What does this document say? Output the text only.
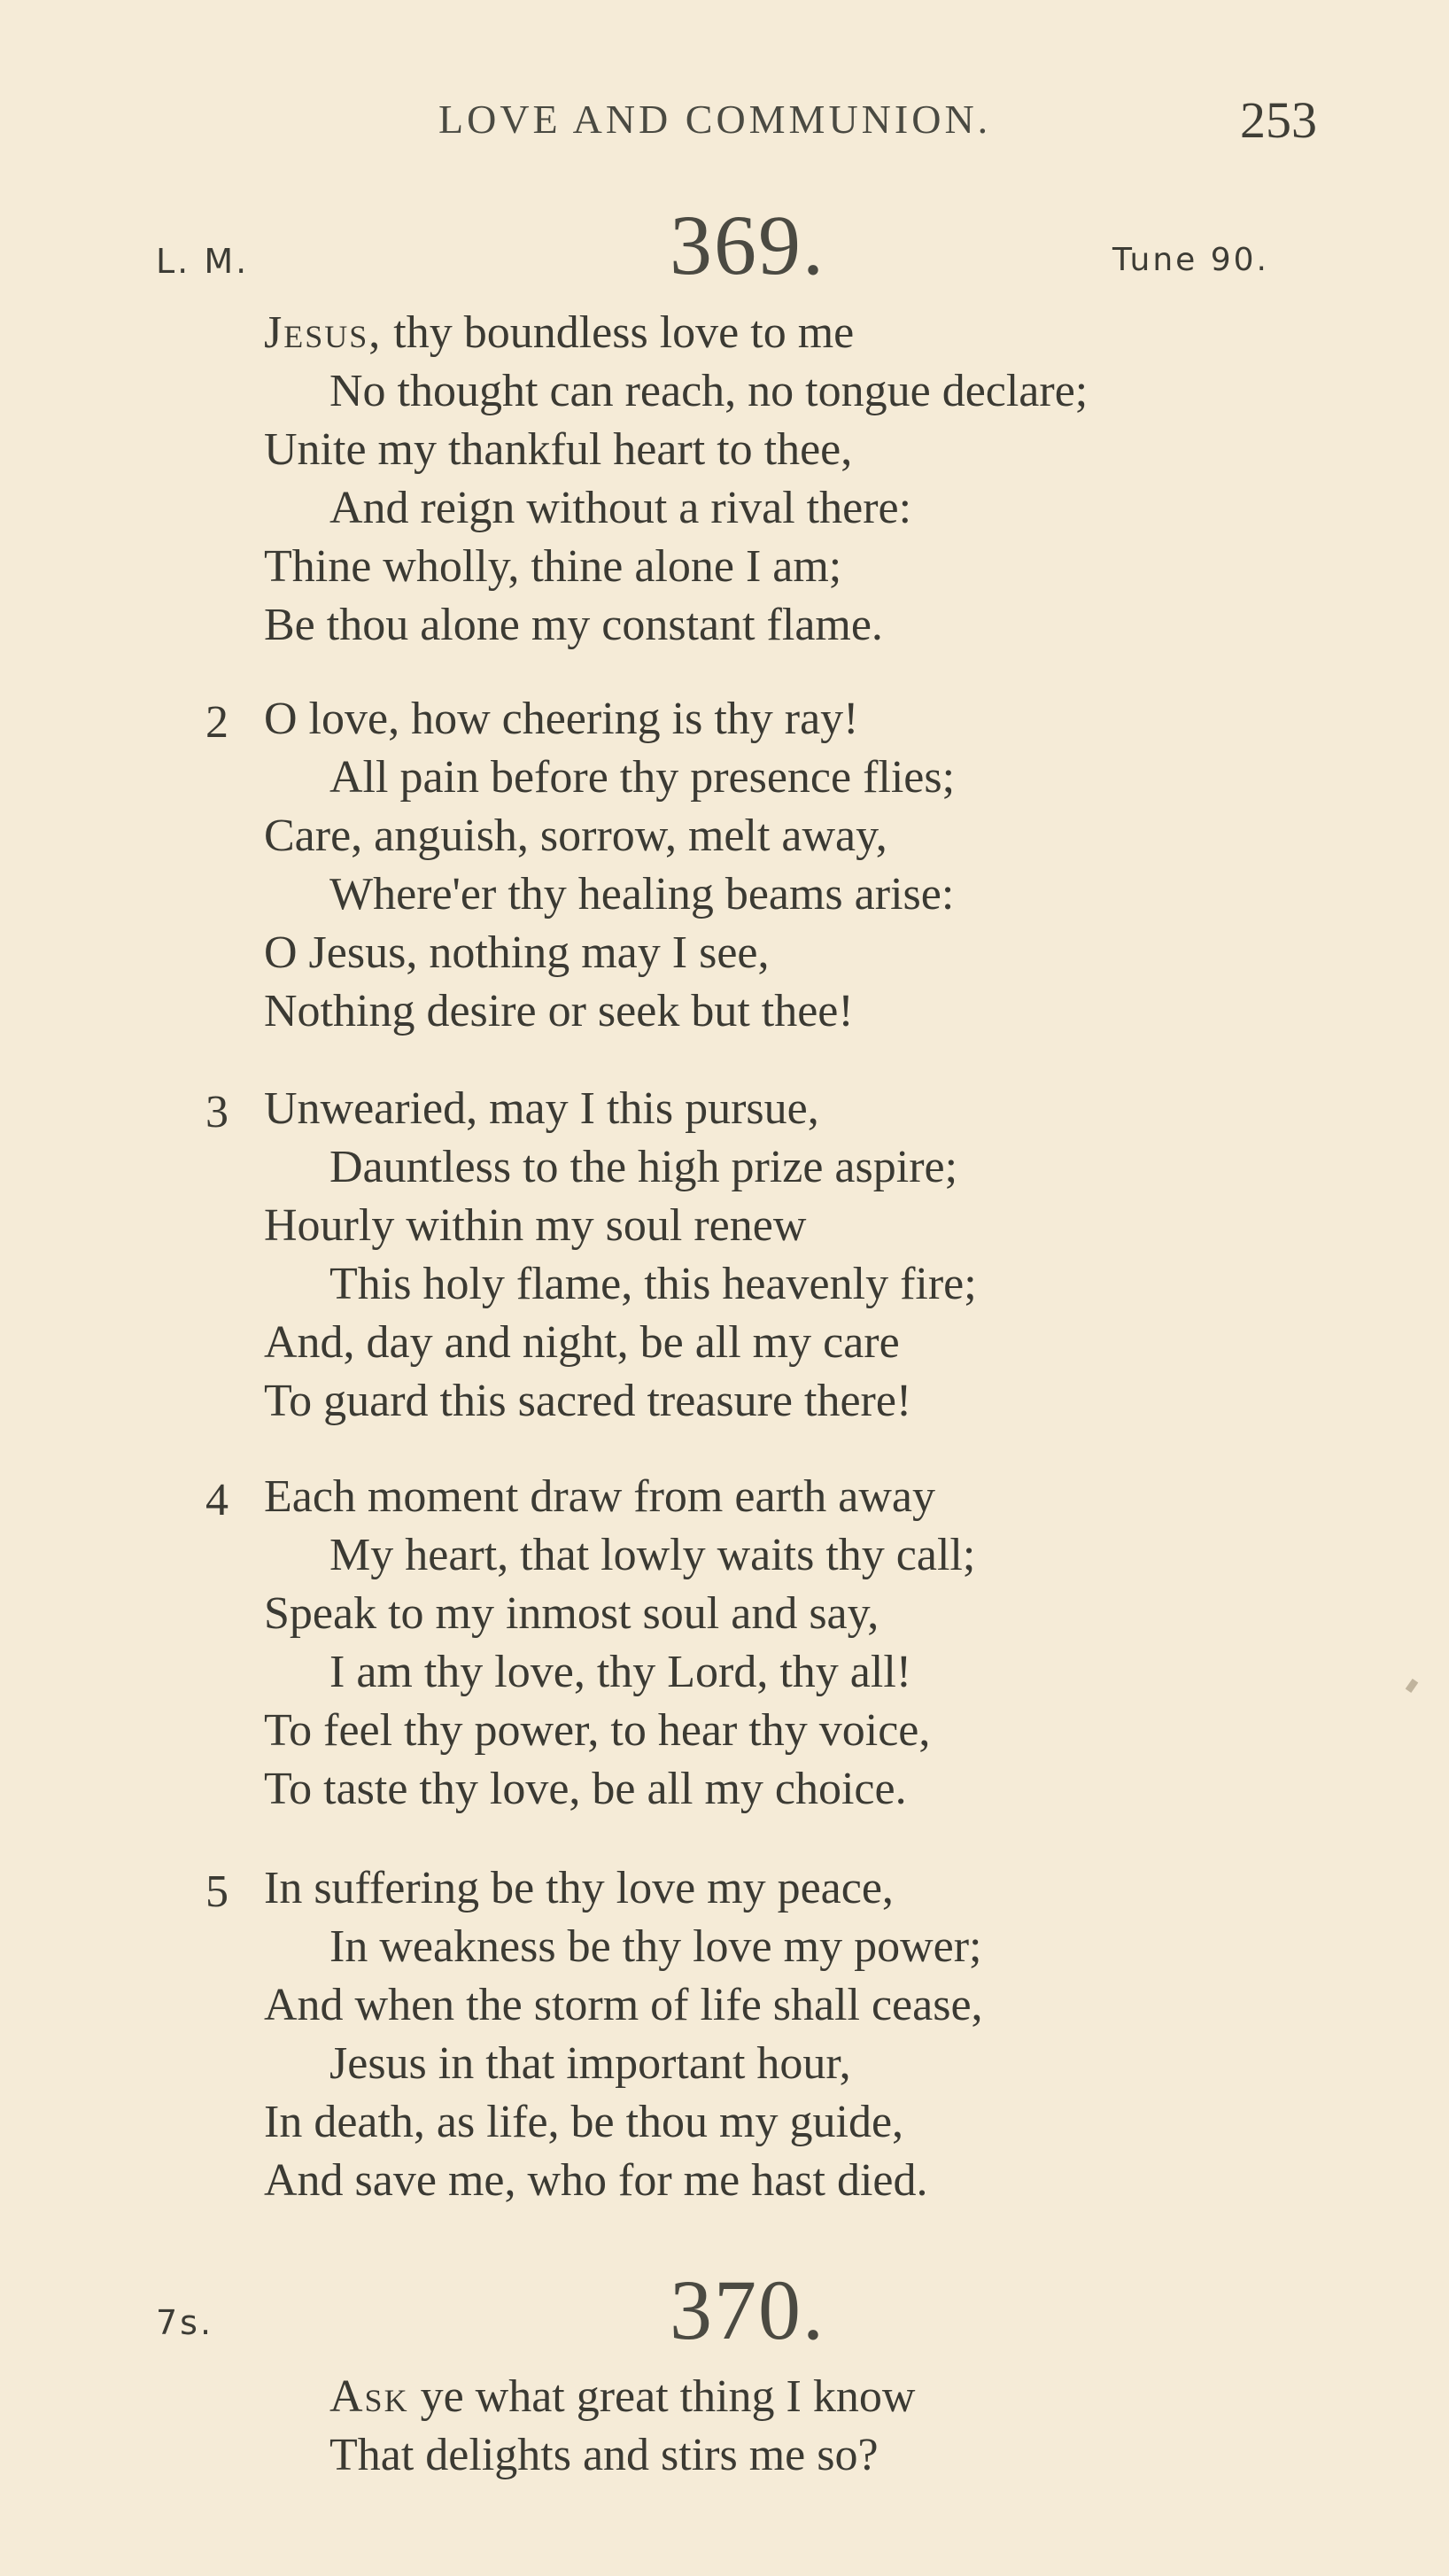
LOVE AND COMMUNION.	253
L. M.	369.	Tune 90.
Jesus, thy boundless love to me
No thought can reach, no tongue declare;
Unite my thankful heart to thee,
And reign without a rival there:
Thine wholly, thine alone I am;
Be thou alone my constant flame.
2 O love, how cheering is thy ray!
All pain before thy presence flies;
Care, anguish, sorrow, melt away,
Where'er thy healing beams arise:
O Jesus, nothing may I see,
Nothing desire or seek but thee!
3 Unwearied, may I this pursue,
Dauntless to the high prize aspire;
Hourly within my soul renew
This holy flame, this heavenly fire;
And, day and night, be all my care
To guard this sacred treasure there!
4 Each moment draw from earth away
My heart, that lowly waits thy call;
Speak to my inmost soul and say,
I am thy love, thy Lord, thy all!
To feel thy power, to hear thy voice,
To taste thy love, be all my choice.
5 In suffering be thy love my peace,
In weakness be thy love my power;
And when the storm of life shall cease,
Jesus in that important hour,
In death, as life, be thou my guide,
And save me, who for me hast died.
7s.	370.
Ask ye what great thing I know
That delights and stirs me so?
